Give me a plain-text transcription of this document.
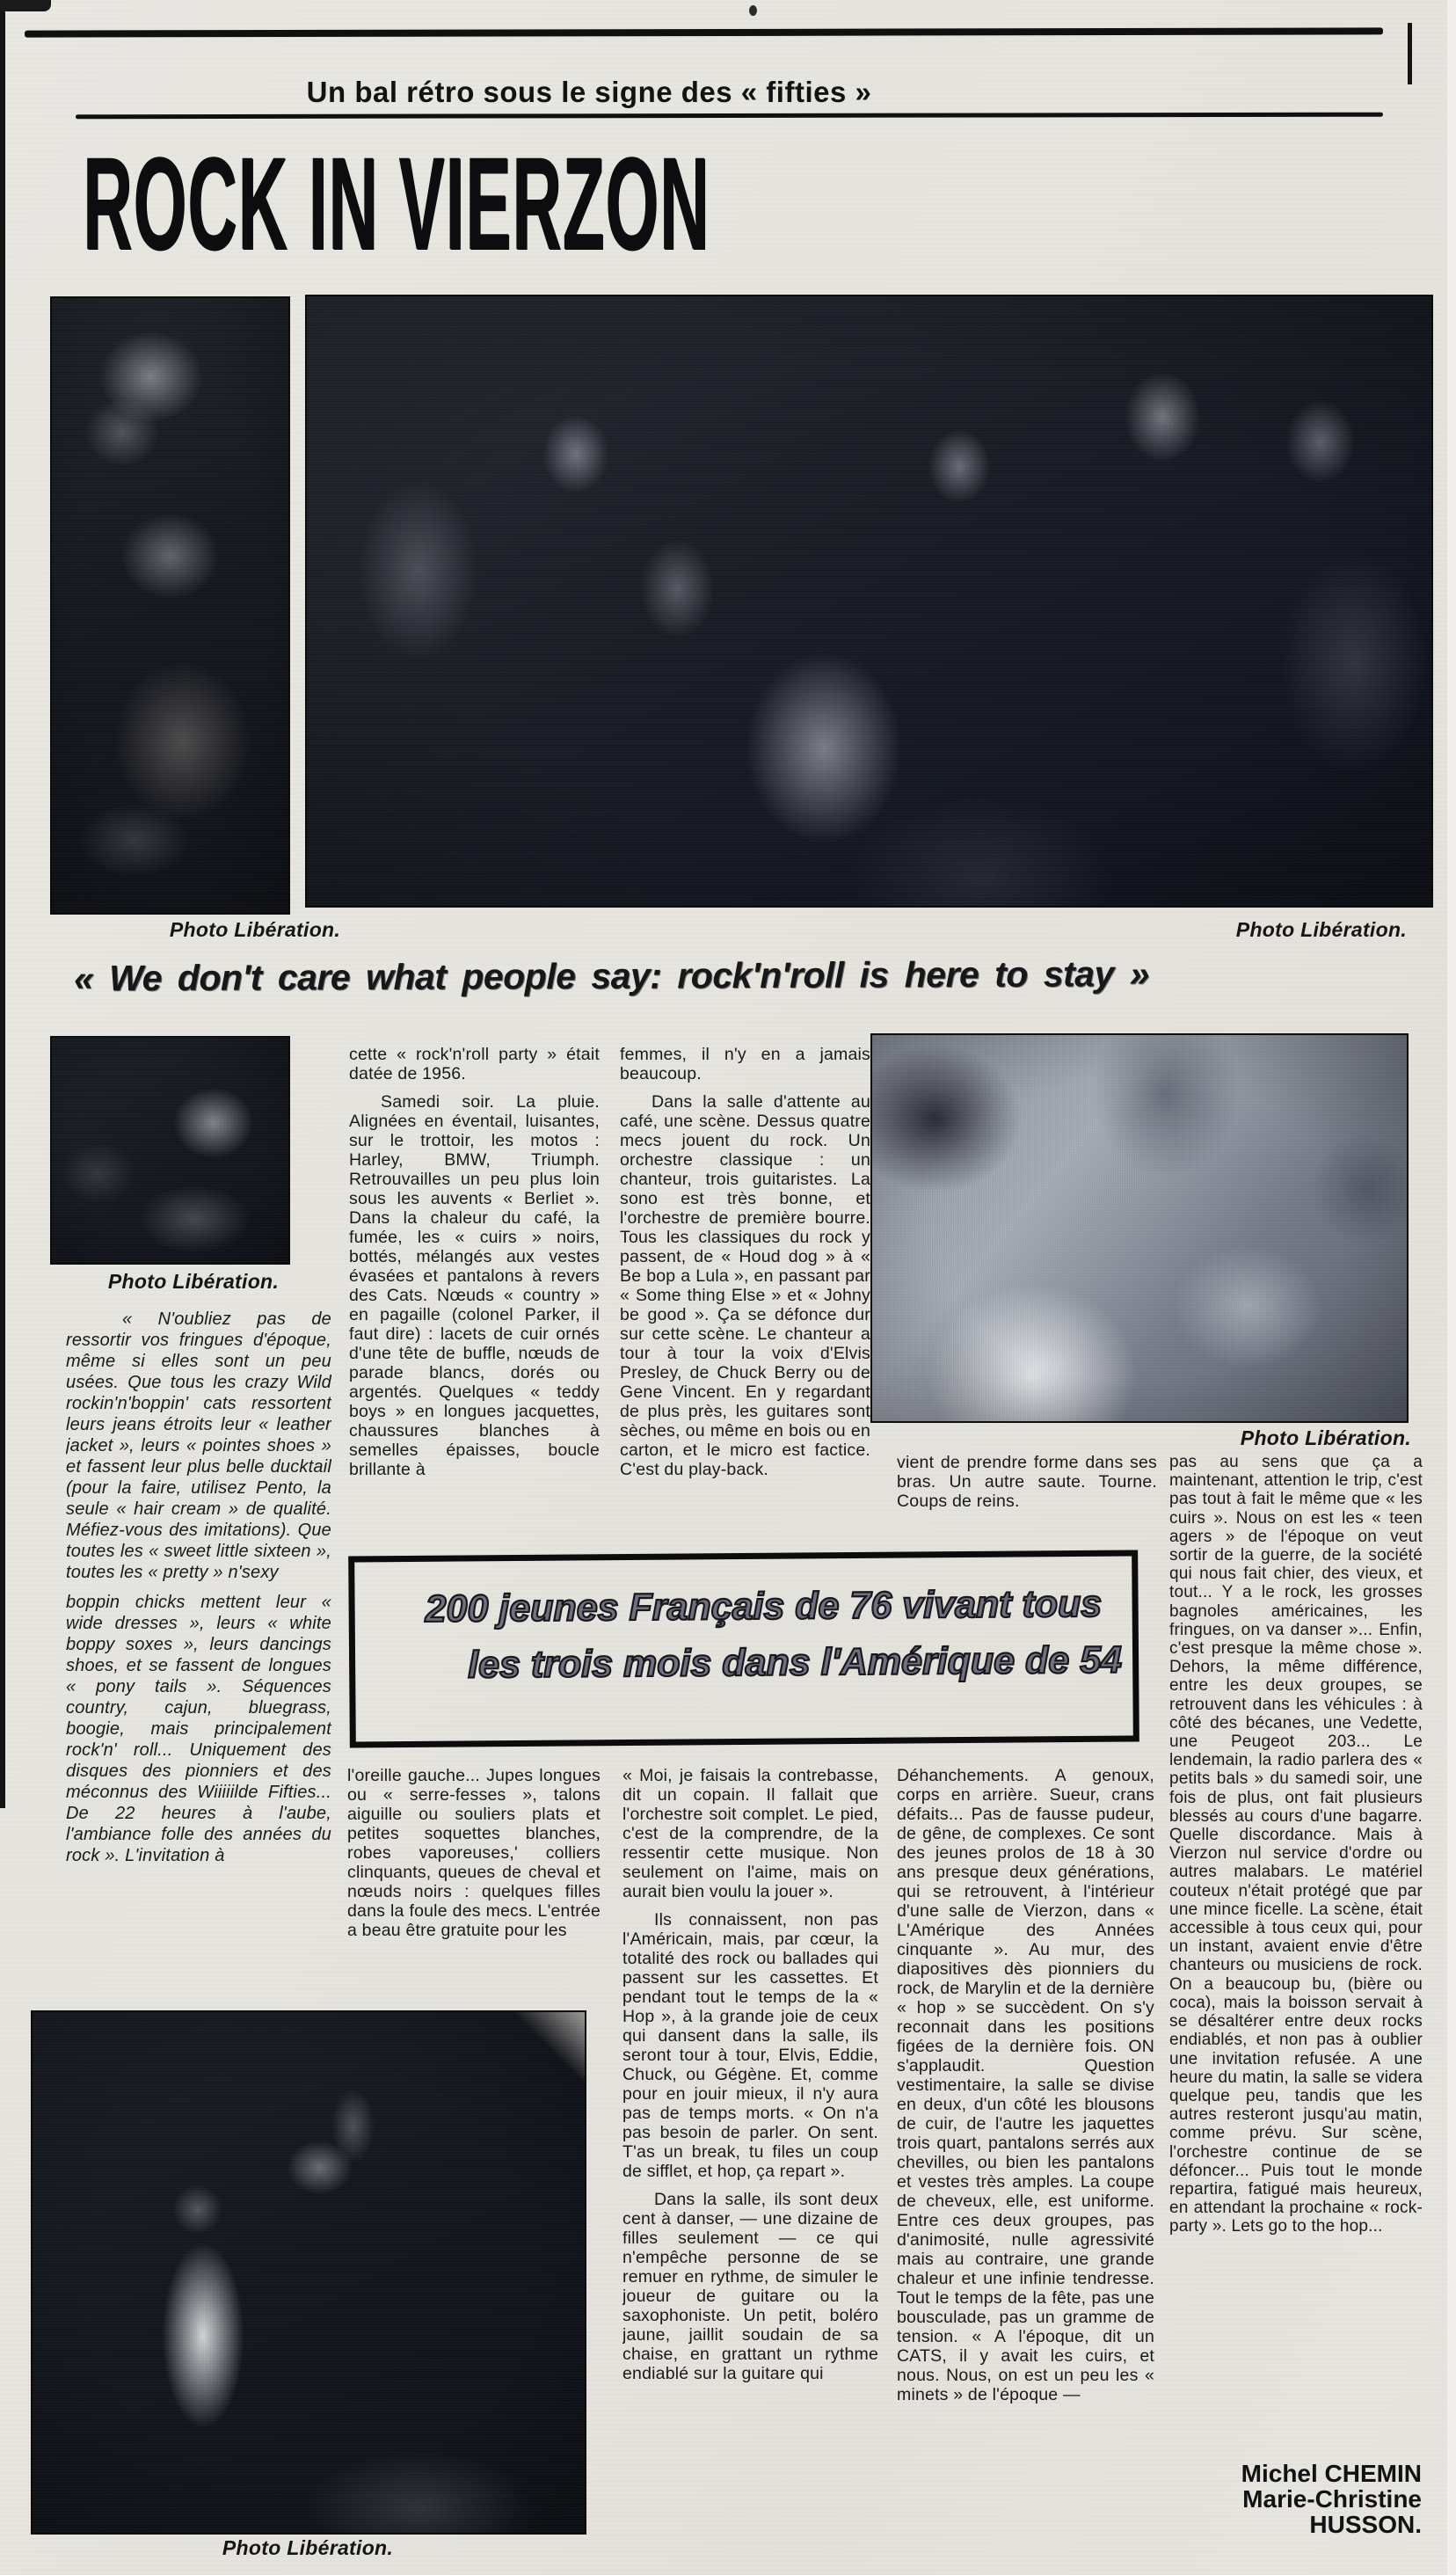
Un bal rétro sous le signe des « fifties »
ROCK IN VIERZON
Photo Libération.	Photo Libération.
« We don't care what people say: rock'n'roll is here to stay »
Photo Libération.
Photo Libération.

« N'oubliez pas de ressortir vos fringues d'époque, même si elles sont un peu usées. Que tous les crazy Wild rockin'n'boppin' cats ressortent leurs jeans étroits leur « leather jacket », leurs « pointes shoes » et fassent leur plus belle ducktail (pour la faire, utilisez Pento, la seule « hair cream » de qualité. Méfiez-vous des imitations). Que toutes les « sweet little sixteen », toutes les « pretty » n'sexy

boppin chicks mettent leur « wide dresses », leurs « white boppy soxes », leurs dancings shoes, et se fassent de longues « pony tails ». Séquences country, cajun, bluegrass, boogie, mais principalement rock'n' roll... Uniquement des disques des pionniers et des méconnus des Wiiiiilde Fifties... De 22 heures à l'aube, l'ambiance folle des années du rock ». L'invitation à

cette « rock'n'roll party » était datée de 1956.

Samedi soir. La pluie. Alignées en éventail, luisantes, sur le trottoir, les motos : Harley, BMW, Triumph. Retrouvailles un peu plus loin sous les auvents « Berliet ». Dans la chaleur du café, la fumée, les « cuirs » noirs, bottés, mélangés aux vestes évasées et pantalons à revers des Cats. Nœuds « country » en pagaille (colonel Parker, il faut dire) : lacets de cuir ornés d'une tête de buffle, nœuds de parade blancs, dorés ou argentés. Quelques « teddy boys » en longues jacquettes, chaussures blanches à semelles épaisses, boucle brillante à

femmes, il n'y en a jamais beaucoup.

Dans la salle d'attente au café, une scène. Dessus quatre mecs jouent du rock. Un orchestre classique : un chanteur, trois guitaristes. La sono est très bonne, et l'orchestre de première bourre. Tous les classiques du rock y passent, de « Houd dog » à « Be bop a Lula », en passant par « Some thing Else » et « Johny be good ». Ça se défonce dur sur cette scène. Le chanteur a tour à tour la voix d'Elvis Presley, de Chuck Berry ou de Gene Vincent. En y regardant de plus près, les guitares sont sèches, ou même en bois ou en carton, et le micro est factice. C'est du play-back.	vient de prendre forme dans ses bras. Un autre saute. Tourne. Coups de reins.

pas au sens que ça a maintenant, attention le trip, c'est pas tout à fait le même que « les cuirs ». Nous on est les « teen agers » de l'époque on veut sortir de la guerre, de la société qui nous fait chier, des vieux, et tout... Y a le rock, les grosses bagnoles américaines, les fringues, on va danser »... Enfin, c'est presque la même chose ». Dehors, la même différence, entre les deux groupes, se retrouvent dans les véhicules : à côté des bécanes, une Vedette, une Peugeot 203... Le lendemain, la radio parlera des « petits bals » du samedi soir, une fois de plus, ont fait plusieurs blessés au cours d'une bagarre. Quelle discordance. Mais à Vierzon nul service d'ordre ou autres malabars. Le matériel couteux n'était protégé que par une mince ficelle. La scène, était accessible à tous ceux qui, pour un instant, avaient envie d'être chanteurs ou musiciens de rock. On a beaucoup bu, (bière ou coca), mais la boisson servait à se désaltérer entre deux rocks endiablés, et non pas à oublier une invitation refusée. A une heure du matin, la salle se videra quelque peu, tandis que les autres resteront jusqu'au matin, comme prévu. Sur scène, l'orchestre continue de se défoncer... Puis tout le monde repartira, fatigué mais heureux, en attendant la prochaine « rock-party ». Lets go to the hop...

200 jeunes Français de 76 vivant tous
les trois mois dans l'Amérique de 54

l'oreille gauche... Jupes longues ou « serre-fesses », talons aiguille ou souliers plats et petites soquettes blanches, robes vaporeuses,' colliers clinquants, queues de cheval et nœuds noirs : quelques filles dans la foule des mecs. L'entrée a beau être gratuite pour les

« Moi, je faisais la contrebasse, dit un copain. Il fallait que l'orchestre soit complet. Le pied, c'est de la comprendre, de la ressentir cette musique. Non seulement on l'aime, mais on aurait bien voulu la jouer ».

Ils connaissent, non pas l'Américain, mais, par cœur, la totalité des rock ou ballades qui passent sur les cassettes. Et pendant tout le temps de la « Hop », à la grande joie de ceux qui dansent dans la salle, ils seront tour à tour, Elvis, Eddie, Chuck, ou Gégène. Et, comme pour en jouir mieux, il n'y aura pas de temps morts. « On n'a pas besoin de parler. On sent. T'as un break, tu files un coup de sifflet, et hop, ça repart ».

Dans la salle, ils sont deux cent à danser, — une dizaine de filles seulement — ce qui n'empêche personne de se remuer en rythme, de simuler le joueur de guitare ou la saxophoniste. Un petit, boléro jaune, jaillit soudain de sa chaise, en grattant un rythme endiablé sur la guitare qui

Déhanchements. A genoux, corps en arrière. Sueur, crans défaits... Pas de fausse pudeur, de gêne, de complexes. Ce sont des jeunes prolos de 18 à 30 ans presque deux générations, qui se retrouvent, à l'intérieur d'une salle de Vierzon, dans « L'Amérique des Années cinquante ». Au mur, des diapositives dès pionniers du rock, de Marylin et de la dernière « hop » se succèdent. On s'y reconnait dans les positions figées de la dernière fois. ON s'applaudit. Question vestimentaire, la salle se divise en deux, d'un côté les blousons de cuir, de l'autre les jaquettes trois quart, pantalons serrés aux chevilles, ou bien les pantalons et vestes très amples. La coupe de cheveux, elle, est uniforme. Entre ces deux groupes, pas d'animosité, nulle agressivité mais au contraire, une grande chaleur et une infinie tendresse. Tout le temps de la fête, pas une bousculade, pas un gramme de tension. « A l'époque, dit un CATS, il y avait les cuirs, et nous. Nous, on est un peu les « minets » de l'époque —

Photo Libération.
Michel CHEMIN
Marie-Christine
HUSSON.
